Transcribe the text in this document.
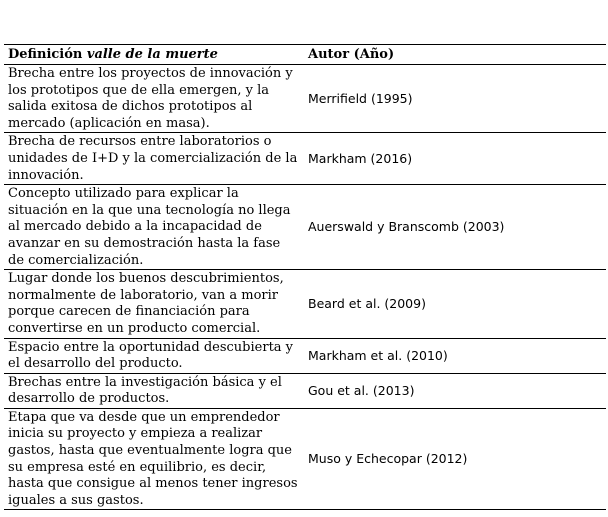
Definición valle de la muerte	Autor (Año)
Brecha entre los proyectos de innovación y los prototipos que de ella emergen, y la salida exitosa de dichos prototipos al mercado (aplicación en masa).	Merrifield (1995)
Brecha de recursos entre laboratorios o unidades de I+D y la comercialización de la innovación.	Markham (2016)
Concepto utilizado para explicar la situación en la que una tecnología no llega al mercado debido a la incapacidad de avanzar en su demostración hasta la fase de comercialización.	Auerswald y Branscomb (2003)
Lugar donde los buenos descubrimientos, normalmente de laboratorio, van a morir porque carecen de financiación para convertirse en un producto comercial.	Beard et al. (2009)
Espacio entre la oportunidad descubierta y el desarrollo del producto.	Markham et al. (2010)
Brechas entre la investigación básica y el desarrollo de productos.	Gou et al. (2013)
Etapa que va desde que un emprendedor inicia su proyecto y empieza a realizar gastos, hasta que eventualmente logra que su empresa esté en equilibrio, es decir, hasta que consigue al menos tener ingresos iguales a sus gastos.	Muso y Echecopar (2012)
